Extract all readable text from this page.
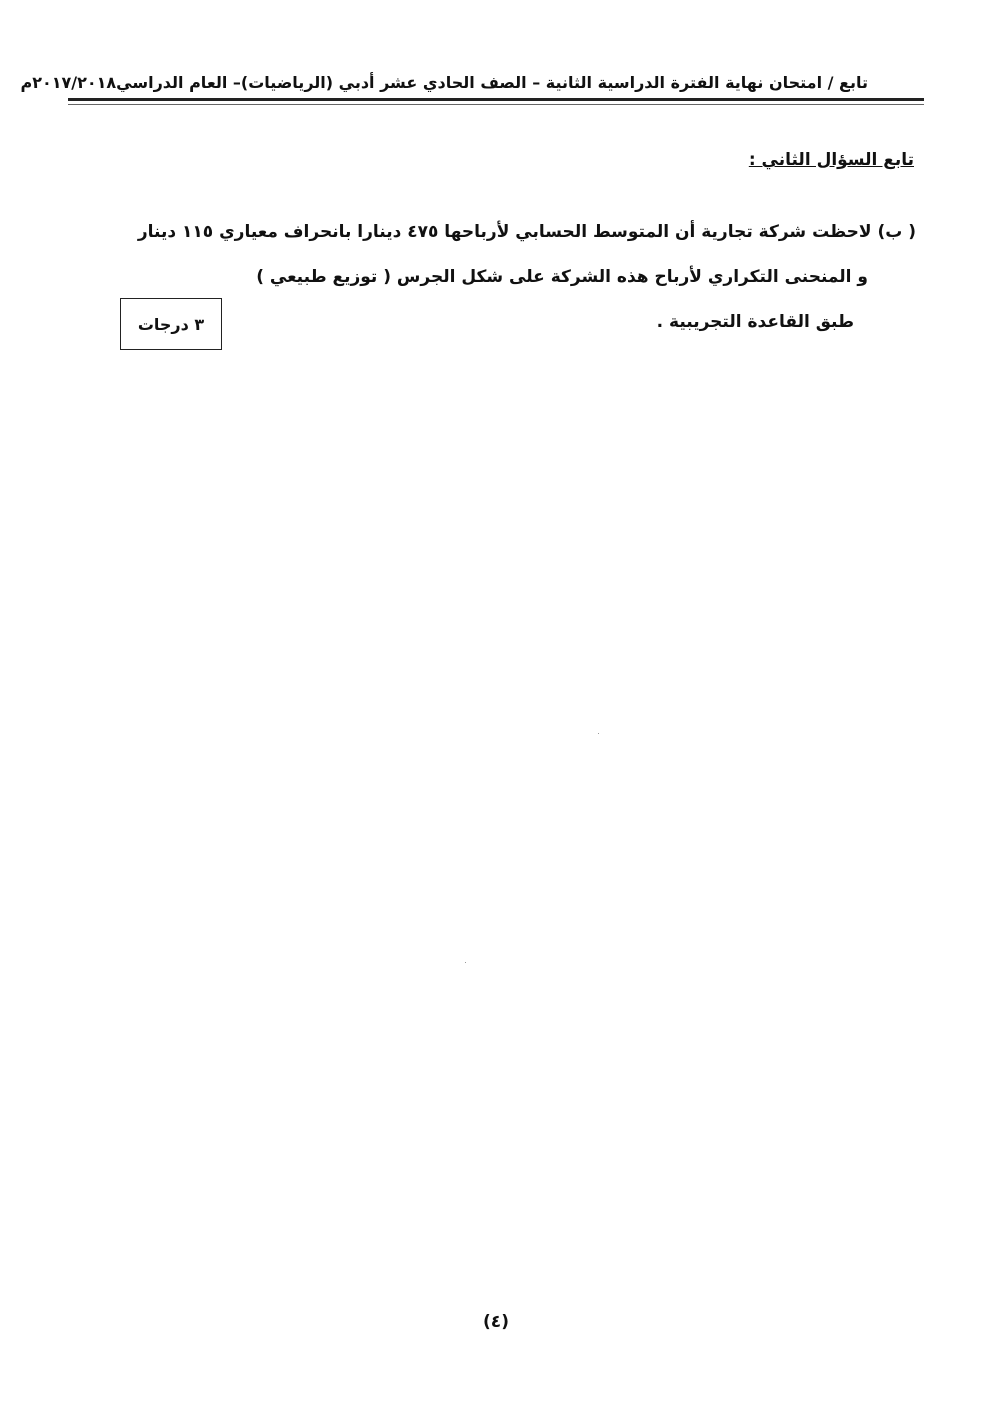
تابع / امتحان نهاية الفترة الدراسية الثانية – الصف الحادي عشر أدبي (الرياضيات)– العام الدراسي٢٠١٧/٢٠١٨م
تابع السؤال الثاني :
( ب) لاحظت شركة تجارية أن المتوسط الحسابي لأرباحها ٤٧٥ دينارا بانحراف معياري ١١٥ دينار
و المنحنى التكراري لأرباح هذه الشركة على شكل الجرس ( توزيع طبيعي )
طبق القاعدة التجريبية .
٣ درجات
(٤)
